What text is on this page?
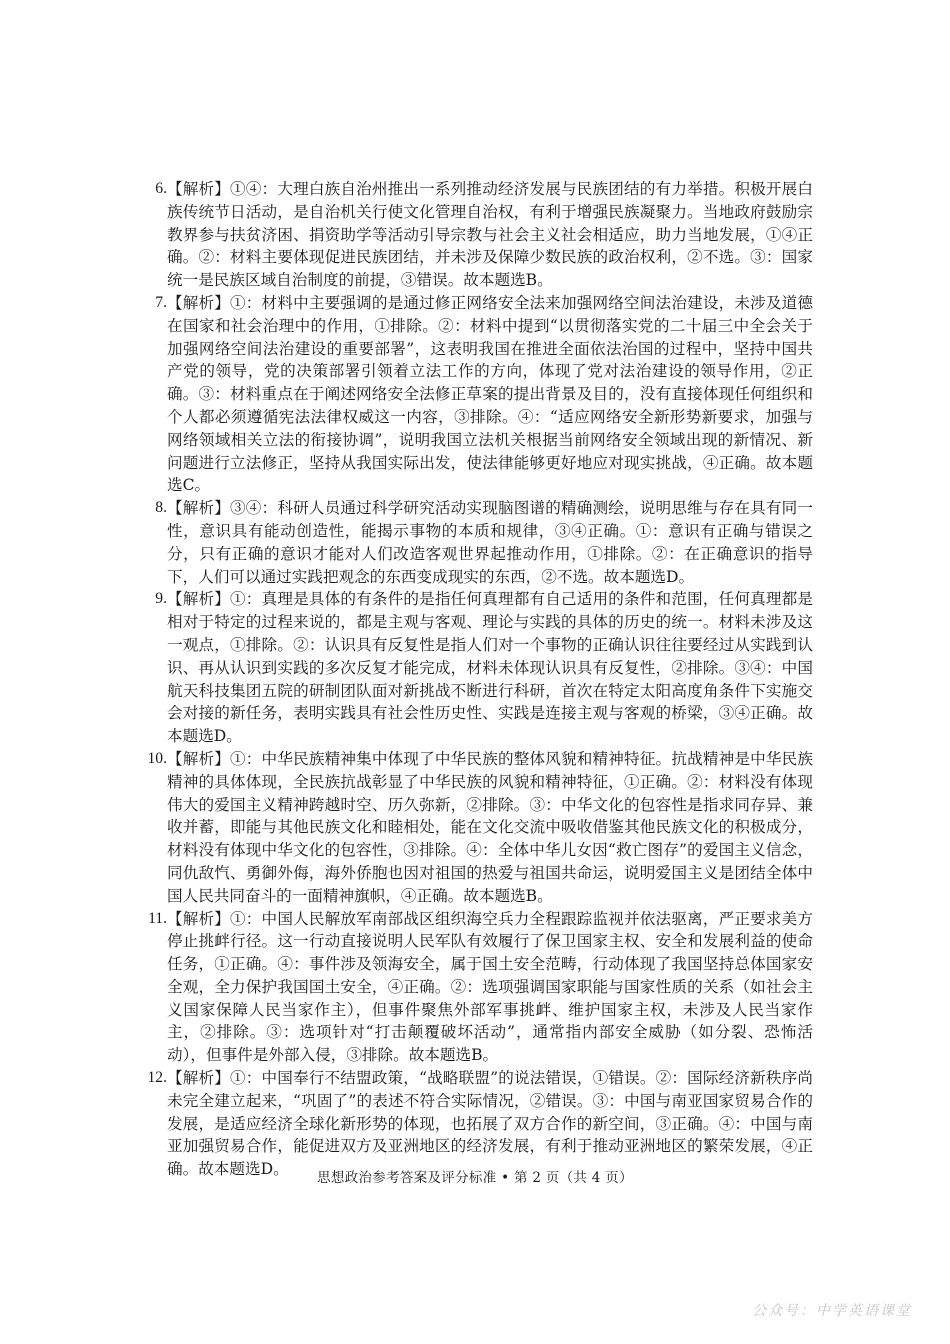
6. 【解析】①④：大理白族自治州推出一系列推动经济发展与民族团结的有力举措。积极开展白族传统节日活动，是自治机关行使文化管理自治权，有利于增强民族凝聚力。当地政府鼓励宗教界参与扶贫济困、捐资助学等活动引导宗教与社会主义社会相适应，助力当地发展，①④正确。②：材料主要体现促进民族团结，并未涉及保障少数民族的政治权利，②不选。③：国家统一是民族区域自治制度的前提，③错误。故本题选B。
7. 【解析】①：材料中主要强调的是通过修正网络安全法来加强网络空间法治建设，未涉及道德在国家和社会治理中的作用，①排除。②：材料中提到“以贯彻落实党的二十届三中全会关于加强网络空间法治建设的重要部署”，这表明我国在推进全面依法治国的过程中，坚持中国共产党的领导，党的决策部署引领着立法工作的方向，体现了党对法治建设的领导作用，②正确。③：材料重点在于阐述网络安全法修正草案的提出背景及目的，没有直接体现任何组织和个人都必须遵循宪法法律权威这一内容，③排除。④：“适应网络安全新形势新要求，加强与网络领域相关立法的衔接协调”，说明我国立法机关根据当前网络安全领域出现的新情况、新问题进行立法修正，坚持从我国实际出发，使法律能够更好地应对现实挑战，④正确。故本题选C。
8. 【解析】③④：科研人员通过科学研究活动实现脑图谱的精确测绘，说明思维与存在具有同一性，意识具有能动创造性，能揭示事物的本质和规律，③④正确。①：意识有正确与错误之分，只有正确的意识才能对人们改造客观世界起推动作用，①排除。②：在正确意识的指导下，人们可以通过实践把观念的东西变成现实的东西，②不选。故本题选D。
9. 【解析】①：真理是具体的有条件的是指任何真理都有自己适用的条件和范围，任何真理都是相对于特定的过程来说的，都是主观与客观、理论与实践的具体的历史的统一。材料未涉及这一观点，①排除。②：认识具有反复性是指人们对一个事物的正确认识往往要经过从实践到认识、再从认识到实践的多次反复才能完成，材料未体现认识具有反复性，②排除。③④：中国航天科技集团五院的研制团队面对新挑战不断进行科研，首次在特定太阳高度角条件下实施交会对接的新任务，表明实践具有社会性历史性、实践是连接主观与客观的桥梁，③④正确。故本题选D。
10. 【解析】①：中华民族精神集中体现了中华民族的整体风貌和精神特征。抗战精神是中华民族精神的具体体现，全民族抗战彰显了中华民族的风貌和精神特征，①正确。②：材料没有体现伟大的爱国主义精神跨越时空、历久弥新，②排除。③：中华文化的包容性是指求同存异、兼收并蓄，即能与其他民族文化和睦相处，能在文化交流中吸收借鉴其他民族文化的积极成分，材料没有体现中华文化的包容性，③排除。④：全体中华儿女因“救亡图存”的爱国主义信念，同仇敌忾、勇御外侮，海外侨胞也因对祖国的热爱与祖国共命运，说明爱国主义是团结全体中国人民共同奋斗的一面精神旗帜，④正确。故本题选B。
11. 【解析】①：中国人民解放军南部战区组织海空兵力全程跟踪监视并依法驱离，严正要求美方停止挑衅行径。这一行动直接说明人民军队有效履行了保卫国家主权、安全和发展利益的使命任务，①正确。④：事件涉及领海安全，属于国土安全范畴，行动体现了我国坚持总体国家安全观，全力保护我国国土安全，④正确。②：选项强调国家职能与国家性质的关系（如社会主义国家保障人民当家作主），但事件聚焦外部军事挑衅、维护国家主权，未涉及人民当家作主，②排除。③：选项针对“打击颠覆破坏活动”，通常指内部安全威胁（如分裂、恐怖活动），但事件是外部入侵，③排除。故本题选B。
12. 【解析】①：中国奉行不结盟政策，“战略联盟”的说法错误，①错误。②：国际经济新秩序尚未完全建立起来，“巩固了”的表述不符合实际情况，②错误。③：中国与南亚国家贸易合作的发展，是适应经济全球化新形势的体现，也拓展了双方合作的新空间，③正确。④：中国与南亚加强贸易合作，能促进双方及亚洲地区的经济发展，有利于推动亚洲地区的繁荣发展，④正确。故本题选D。	思想政治参考答案及评分标准 • 第 2 页（共 4 页）
公众号：中学英语课堂
